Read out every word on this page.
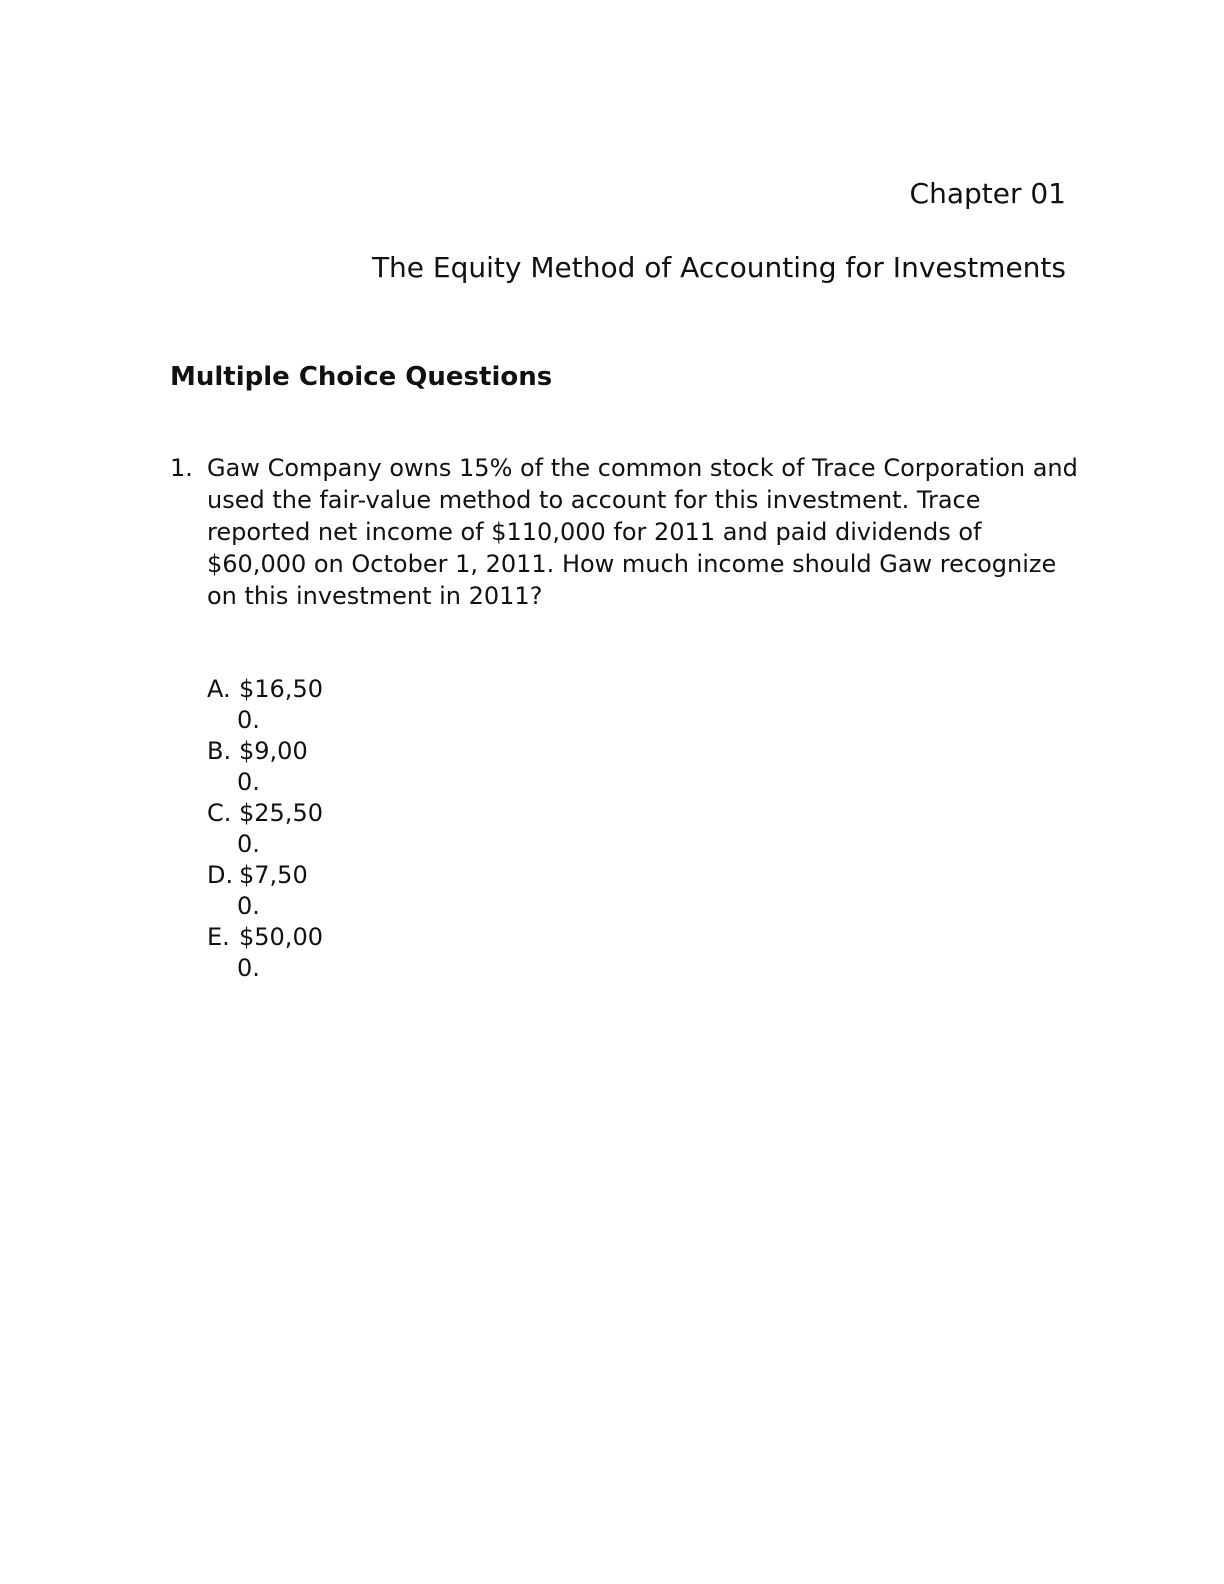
Chapter 01
The Equity Method of Accounting for Investments
Multiple Choice Questions
1. Gaw Company owns 15% of the common stock of Trace Corporation and
used the fair-value method to account for this investment. Trace
reported net income of $110,000 for 2011 and paid dividends of
$60,000 on October 1, 2011. How much income should Gaw recognize
on this investment in 2011?
A. $16,50
0.
B. $9,00
0.
C. $25,50
0.
D. $7,50
0.
E. $50,00
0.
